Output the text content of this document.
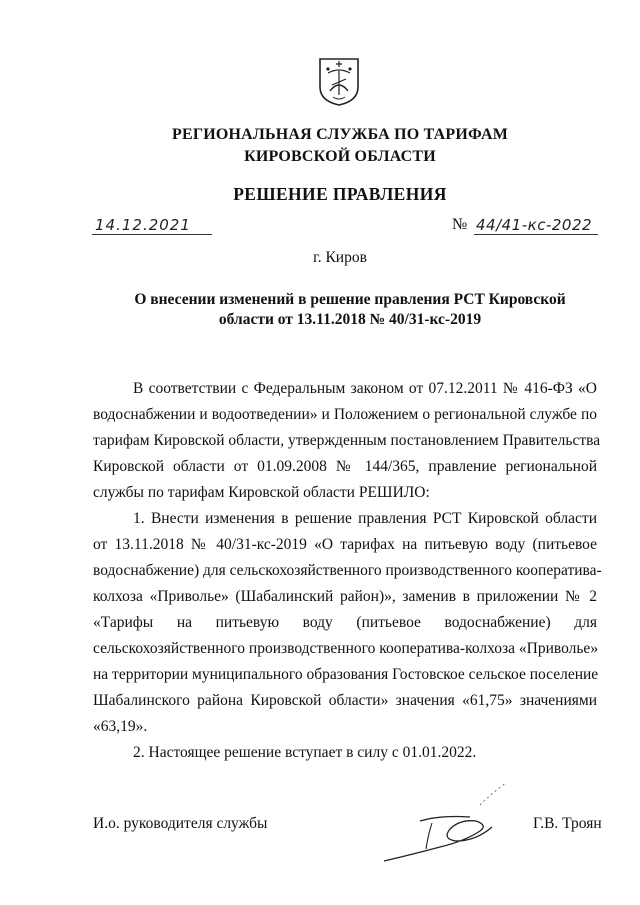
РЕГИОНАЛЬНАЯ СЛУЖБА ПО ТАРИФАМ
КИРОВСКОЙ ОБЛАСТИ
РЕШЕНИЕ ПРАВЛЕНИЯ
14.12.2021	№ 44/41-кс-2022
г. Киров
О внесении изменений в решение правления РСТ Кировской
области от 13.11.2018 № 40/31-кс-2019
В соответствии с Федеральным законом от 07.12.2011 № 416-ФЗ «О
водоснабжении и водоотведении» и Положением о региональной службе по
тарифам Кировской области, утвержденным постановлением Правительства
Кировской области от 01.09.2008 № 144/365, правление региональной
службы по тарифам Кировской области РЕШИЛО:
1. Внести изменения в решение правления РСТ Кировской области
от 13.11.2018 № 40/31-кс-2019 «О тарифах на питьевую воду (питьевое
водоснабжение) для сельскохозяйственного производственного кооператива-
колхоза «Приволье» (Шабалинский район)», заменив в приложении № 2
«Тарифы на питьевую воду (питьевое водоснабжение) для
сельскохозяйственного производственного кооператива-колхоза «Приволье»
на территории муниципального образования Гостовское сельское поселение
Шабалинского района Кировской области» значения «61,75» значениями
«63,19».
2. Настоящее решение вступает в силу с 01.01.2022.
И.о. руководителя службы	Г.В. Троян
